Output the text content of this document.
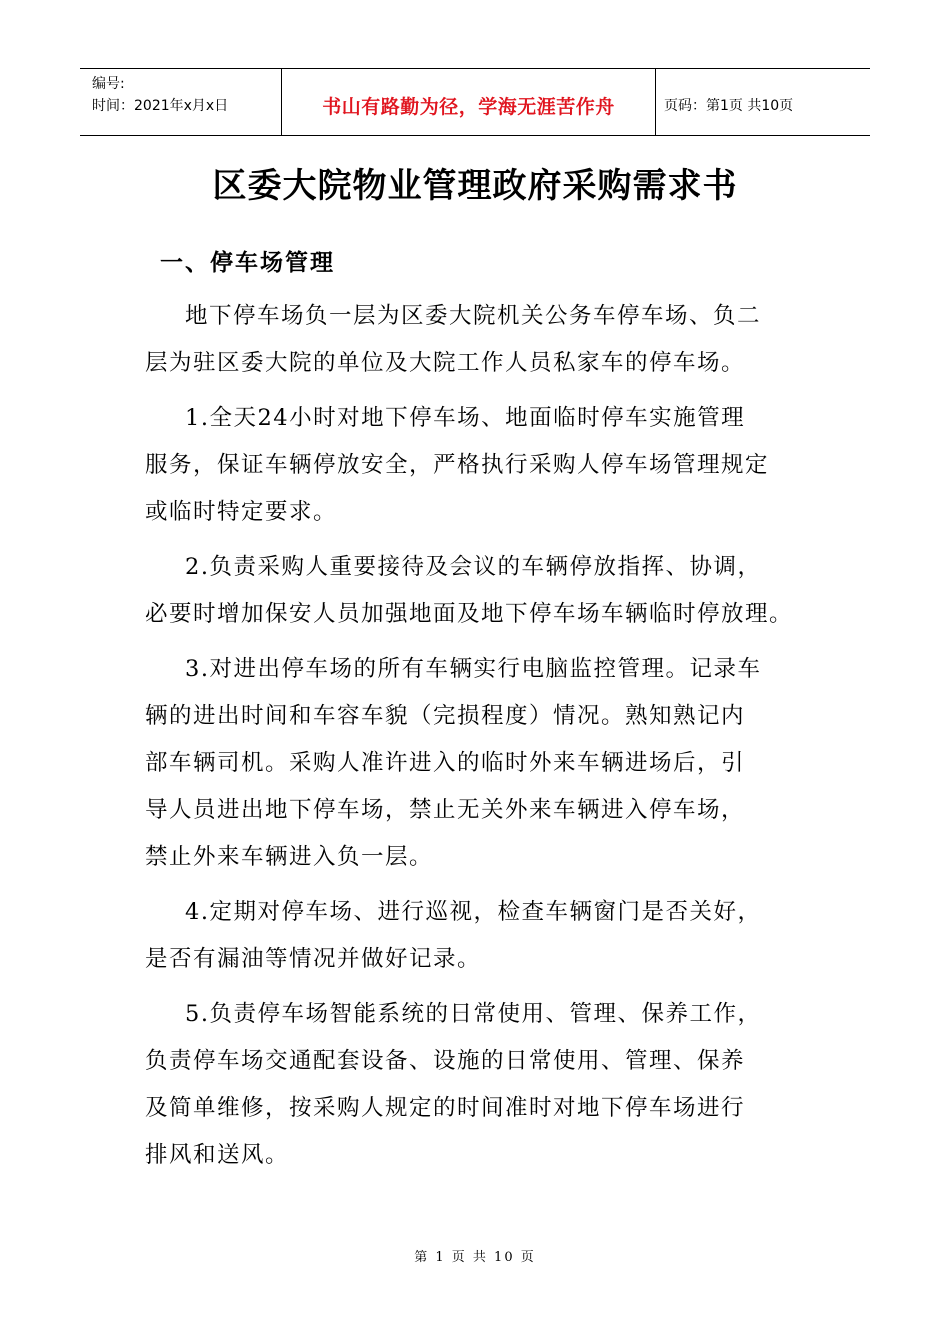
编号:
时间：2021年x月x日	书山有路勤为径，学海无涯苦作舟	页码：第1页 共10页
区委大院物业管理政府采购需求书
一、停车场管理

地下停车场负一层为区委大院机关公务车停车场、负二
层为驻区委大院的单位及大院工作人员私家车的停车场。

1.全天24小时对地下停车场、地面临时停车实施管理
服务，保证车辆停放安全，严格执行采购人停车场管理规定
或临时特定要求。

2.负责采购人重要接待及会议的车辆停放指挥、协调，
必要时增加保安人员加强地面及地下停车场车辆临时停放理。

3.对进出停车场的所有车辆实行电脑监控管理。记录车
辆的进出时间和车容车貌（完损程度）情况。熟知熟记内
部车辆司机。采购人准许进入的临时外来车辆进场后，引
导人员进出地下停车场，禁止无关外来车辆进入停车场，
禁止外来车辆进入负一层。

4.定期对停车场、进行巡视，检查车辆窗门是否关好，
是否有漏油等情况并做好记录。

5.负责停车场智能系统的日常使用、管理、保养工作，
负责停车场交通配套设备、设施的日常使用、管理、保养
及简单维修，按采购人规定的时间准时对地下停车场进行
排风和送风。

第 1 页 共 10 页
